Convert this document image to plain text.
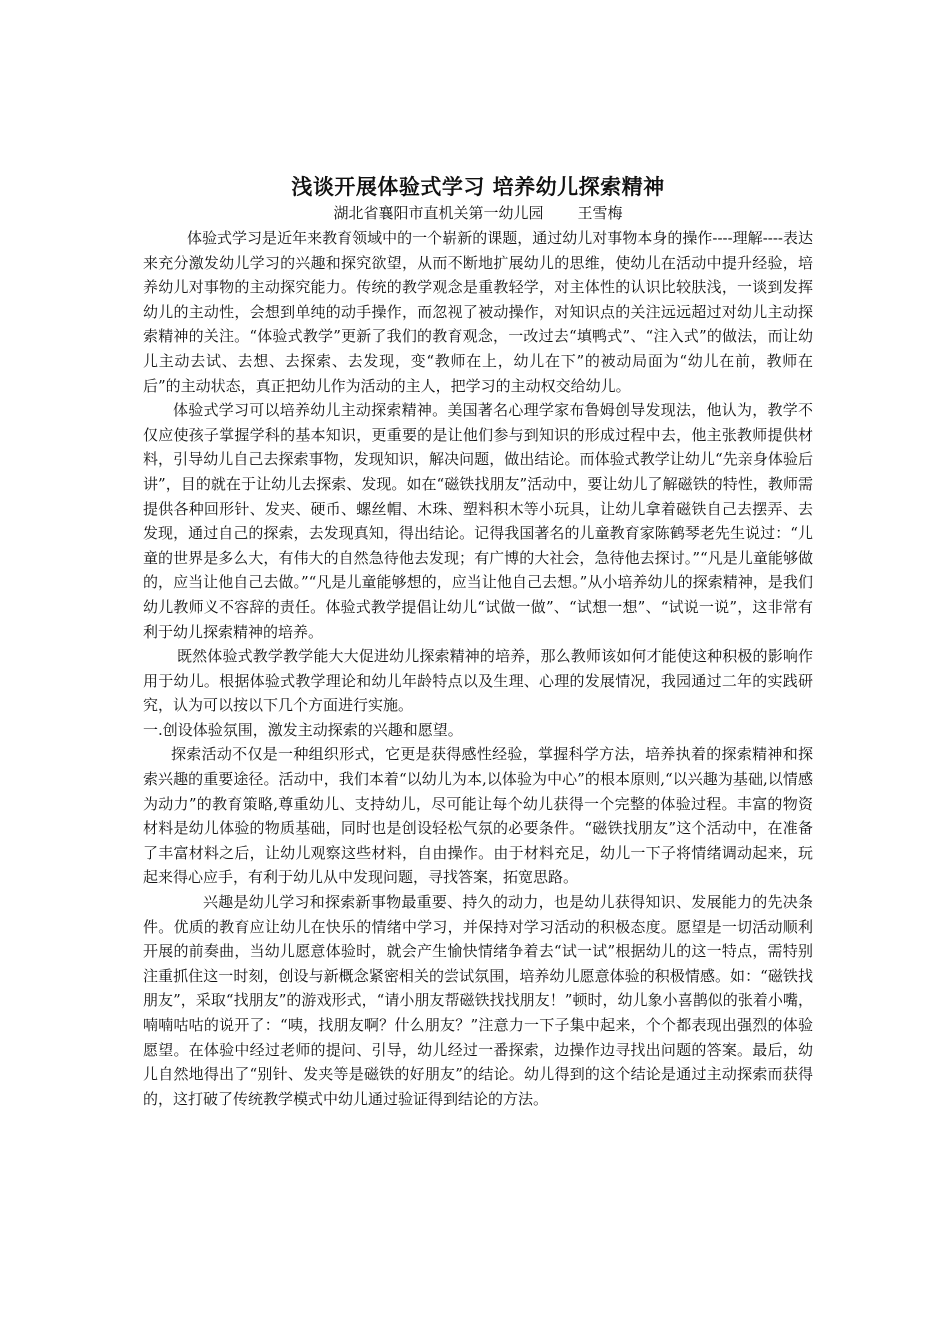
浅谈开展体验式学习 培养幼儿探索精神

湖北省襄阳市直机关第一幼儿园 王雪梅

体验式学习是近年来教育领域中的一个崭新的课题，通过幼儿对事物本身的操作----理解----表达来充分激发幼儿学习的兴趣和探究欲望，从而不断地扩展幼儿的思维，使幼儿在活动中提升经验，培养幼儿对事物的主动探究能力。传统的教学观念是重教轻学，对主体性的认识比较肤浅，一谈到发挥幼儿的主动性，会想到单纯的动手操作，而忽视了被动操作，对知识点的关注远远超过对幼儿主动探索精神的关注。“体验式教学”更新了我们的教育观念，一改过去“填鸭式”、“注入式”的做法，而让幼儿主动去试、去想、去探索、去发现，变“教师在上，幼儿在下”的被动局面为“幼儿在前，教师在后”的主动状态，真正把幼儿作为活动的主人，把学习的主动权交给幼儿。

体验式学习可以培养幼儿主动探索精神。美国著名心理学家布鲁姆创导发现法，他认为，教学不仅应使孩子掌握学科的基本知识，更重要的是让他们参与到知识的形成过程中去，他主张教师提供材料，引导幼儿自己去探索事物，发现知识，解决问题，做出结论。而体验式教学让幼儿“先亲身体验后讲”，目的就在于让幼儿去探索、发现。如在“磁铁找朋友”活动中，要让幼儿了解磁铁的特性，教师需提供各种回形针、发夹、硬币、螺丝帽、木珠、塑料积木等小玩具，让幼儿拿着磁铁自己去摆弄、去发现，通过自己的探索，去发现真知，得出结论。记得我国著名的儿童教育家陈鹤琴老先生说过：“儿童的世界是多么大，有伟大的自然急待他去发现；有广博的大社会，急待他去探讨。”“凡是儿童能够做的，应当让他自己去做。”“凡是儿童能够想的，应当让他自己去想。”从小培养幼儿的探索精神，是我们幼儿教师义不容辞的责任。体验式教学提倡让幼儿“试做一做”、“试想一想”、“试说一说”，这非常有利于幼儿探索精神的培养。

既然体验式教学教学能大大促进幼儿探索精神的培养，那么教师该如何才能使这种积极的影响作用于幼儿。根据体验式教学理论和幼儿年龄特点以及生理、心理的发展情况，我园通过二年的实践研究，认为可以按以下几个方面进行实施。

一.创设体验氛围，激发主动探索的兴趣和愿望。

探索活动不仅是一种组织形式，它更是获得感性经验，掌握科学方法，培养执着的探索精神和探索兴趣的重要途径。活动中，我们本着“以幼儿为本,以体验为中心”的根本原则,“以兴趣为基础,以情感为动力”的教育策略,尊重幼儿、支持幼儿，尽可能让每个幼儿获得一个完整的体验过程。丰富的物资材料是幼儿体验的物质基础，同时也是创设轻松气氛的必要条件。“磁铁找朋友”这个活动中，在准备了丰富材料之后，让幼儿观察这些材料，自由操作。由于材料充足，幼儿一下子将情绪调动起来，玩起来得心应手，有利于幼儿从中发现问题，寻找答案，拓宽思路。

兴趣是幼儿学习和探索新事物最重要、持久的动力，也是幼儿获得知识、发展能力的先决条件。优质的教育应让幼儿在快乐的情绪中学习，并保持对学习活动的积极态度。愿望是一切活动顺利开展的前奏曲，当幼儿愿意体验时，就会产生愉快情绪争着去“试一试”根据幼儿的这一特点，需特别注重抓住这一时刻，创设与新概念紧密相关的尝试氛围，培养幼儿愿意体验的积极情感。如：“磁铁找朋友”，采取“找朋友”的游戏形式，“请小朋友帮磁铁找找朋友！”顿时，幼儿象小喜鹊似的张着小嘴，喃喃咕咕的说开了：“咦，找朋友啊？什么朋友？”注意力一下子集中起来，个个都表现出强烈的体验愿望。在体验中经过老师的提问、引导，幼儿经过一番探索，边操作边寻找出问题的答案。最后，幼儿自然地得出了“别针、发夹等是磁铁的好朋友”的结论。幼儿得到的这个结论是通过主动探索而获得的，这打破了传统教学模式中幼儿通过验证得到结论的方法。
